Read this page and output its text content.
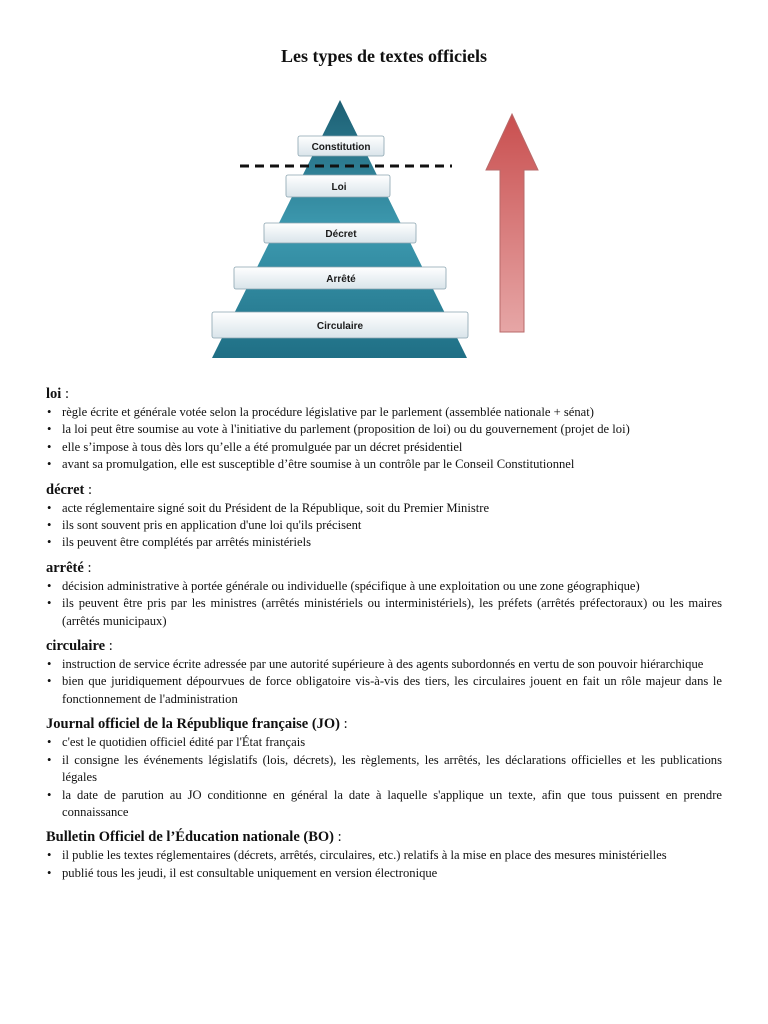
Les types de textes officiels
Constitution
Loi
Décret
Arrêté
Circulaire
loi :
• règle écrite et générale votée selon la procédure législative par le parlement (assemblée nationale + sénat)
• la loi peut être soumise au vote à l'initiative du parlement (proposition de loi) ou du gouvernement (projet de loi)
• elle s’impose à tous dès lors qu’elle a été promulguée par un décret présidentiel
• avant sa promulgation, elle est susceptible d’être soumise à un contrôle par le Conseil Constitutionnel
décret :
• acte réglementaire signé soit du Président de la République, soit du Premier Ministre
• ils sont souvent pris en application d'une loi qu'ils précisent
• ils peuvent être complétés par arrêtés ministériels
arrêté :
• décision administrative à portée générale ou individuelle (spécifique à une exploitation ou une zone géographique)
• ils peuvent être pris par les ministres (arrêtés ministériels ou interministériels), les préfets (arrêtés préfectoraux) ou les maires (arrêtés municipaux)
circulaire :
• instruction de service écrite adressée par une autorité supérieure à des agents subordonnés en vertu de son pouvoir hiérarchique
• bien que juridiquement dépourvues de force obligatoire vis-à-vis des tiers, les circulaires jouent en fait un rôle majeur dans le fonctionnement de l'administration
Journal officiel de la République française (JO) :
• c'est le quotidien officiel édité par l'État français
• il consigne les événements législatifs (lois, décrets), les règlements, les arrêtés, les déclarations officielles et les publications légales
• la date de parution au JO conditionne en général la date à laquelle s'applique un texte, afin que tous puissent en prendre connaissance
Bulletin Officiel de l’Éducation nationale (BO) :
• il publie les textes réglementaires (décrets, arrêtés, circulaires, etc.) relatifs à la mise en place des mesures ministérielles
• publié tous les jeudi, il est consultable uniquement en version électronique
